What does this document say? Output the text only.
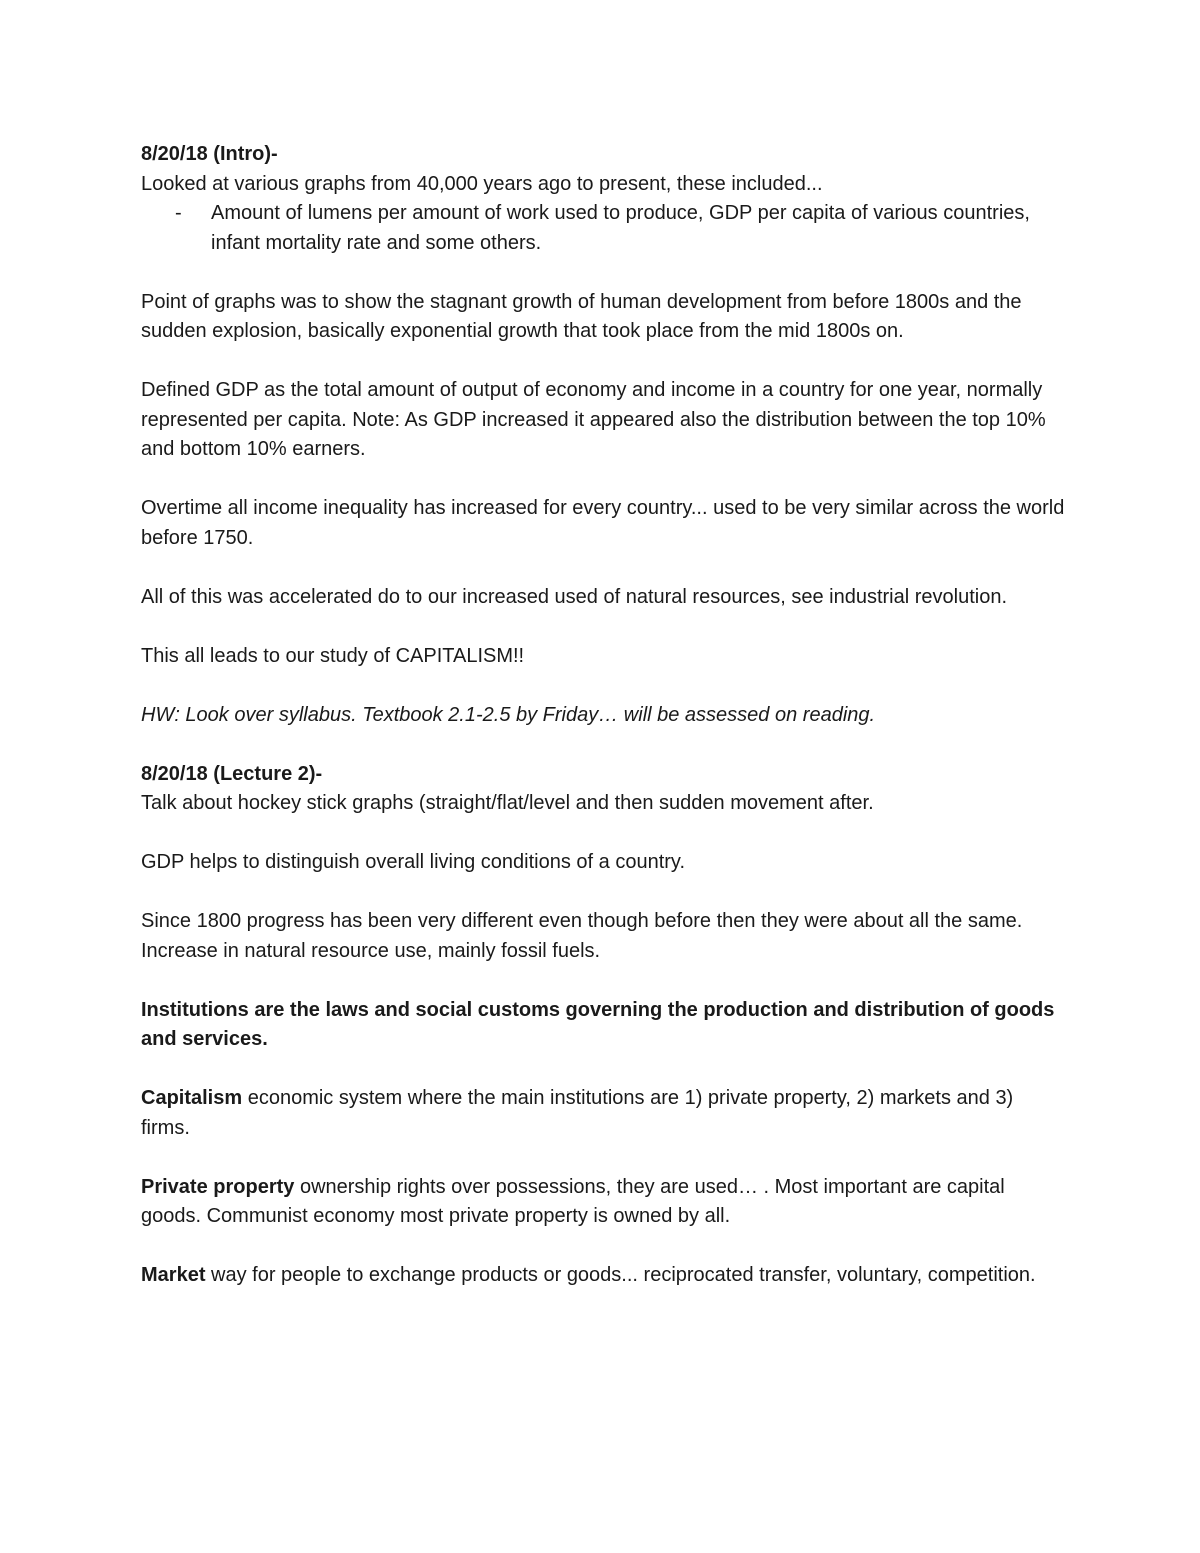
8/20/18 (Intro)-

Looked at various graphs from 40,000 years ago to present, these included...

- Amount of lumens per amount of work used to produce, GDP per capita of various countries, infant mortality rate and some others.

Point of graphs was to show the stagnant growth of human development from before 1800s and the sudden explosion, basically exponential growth that took place from the mid 1800s on.

Defined GDP as the total amount of output of economy and income in a country for one year, normally represented per capita. Note: As GDP increased it appeared also the distribution between the top 10% and bottom 10% earners.

Overtime all income inequality has increased for every country... used to be very similar across the world before 1750.

All of this was accelerated do to our increased used of natural resources, see industrial revolution.

This all leads to our study of CAPITALISM!!

HW: Look over syllabus. Textbook 2.1-2.5 by Friday… will be assessed on reading.

8/20/18 (Lecture 2)-

Talk about hockey stick graphs (straight/flat/level and then sudden movement after.

GDP helps to distinguish overall living conditions of a country.

Since 1800 progress has been very different even though before then they were about all the same. Increase in natural resource use, mainly fossil fuels.

Institutions are the laws and social customs governing the production and distribution of goods and services.

Capitalism economic system where the main institutions are 1) private property, 2) markets and 3) firms.

Private property ownership rights over possessions, they are used… . Most important are capital goods. Communist economy most private property is owned by all.

Market way for people to exchange products or goods... reciprocated transfer, voluntary, competition.
